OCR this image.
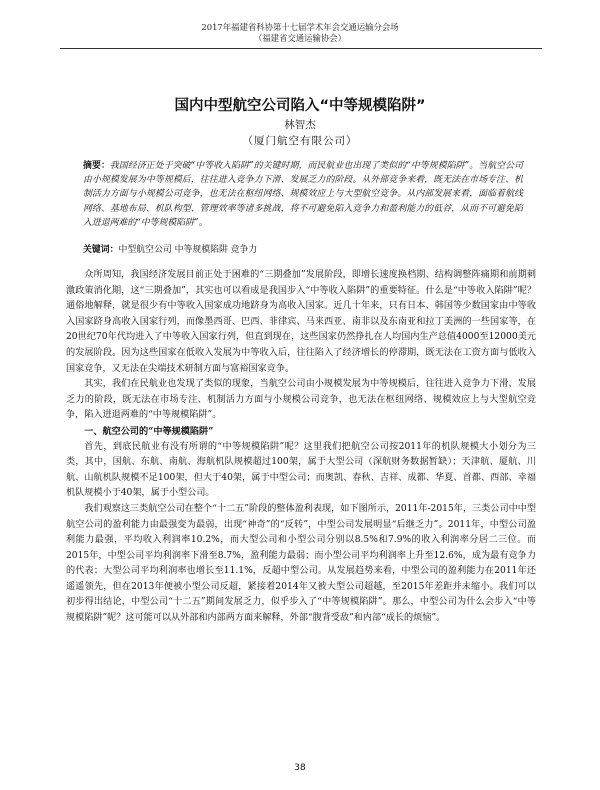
2017年福建省科协第十七届学术年会交通运输分会场
（福建省交通运输协会）
国内中型航空公司陷入“中等规模陷阱”
林智杰
（厦门航空有限公司）
摘要：我国经济正处于突破“中等收入陷阱”的关键时期，而民航业也出现了类似的“中等规模陷阱”。当航空公司由小规模发展为中等规模后，往往进入竞争力下滑、发展乏力的阶段。从外部竞争来看，既无法在市场专注、机制活力方面与小规模公司竞争，也无法在枢纽网络、规模效应上与大型航空竞争。从内部发展来看，面临着航线网络、基地布局、机队构型、管理效率等诸多挑战，将不可避免陷入竞争力和盈利能力的低谷，从而不可避免陷入进退两难的“中等规模陷阱”。
关键词：中型航空公司 中等规模陷阱 竞争力

众所周知，我国经济发展目前正处于困难的“三期叠加”发展阶段，即增长速度换档期、结构调整阵痛期和前期刺激政策消化期，这“三期叠加”，其实也可以看成是我国步入“中等收入陷阱”的重要特征。什么是“中等收入陷阱”呢？通俗地解释，就是很少有中等收入国家成功地跻身为高收入国家。近几十年来，只有日本、韩国等少数国家由中等收入国家跻身高收入国家行列，而像墨西哥、巴西、菲律宾、马来西亚、南非以及东南亚和拉丁美洲的一些国家等，在20世纪70年代均进入了中等收入国家行列，但直到现在，这些国家仍然挣扎在人均国内生产总值4000至12000美元的发展阶段。因为这些国家在低收入发展为中等收入后，往往陷入了经济增长的停滞期，既无法在工资方面与低收入国家竞争，又无法在尖端技术研制方面与富裕国家竞争。

其实，我们在民航业也发现了类似的现象，当航空公司由小规模发展为中等规模后，往往进入竞争力下滑、发展乏力的阶段，既无法在市场专注、机制活力方面与小规模公司竞争，也无法在枢纽网络、规模效应上与大型航空竞争，陷入进退两难的“中等规模陷阱”。

一、航空公司的“中等规模陷阱”

首先，到底民航业有没有所谓的“中等规模陷阱”呢？这里我们把航空公司按2011年的机队规模大小划分为三类，其中，国航、东航、南航、海航机队规模超过100架，属于大型公司（深航财务数据暂缺）；天津航、厦航、川航、山航机队规模不足100架，但大于40架，属于中型公司；而奥凯、春秋、吉祥、成都、华夏、首都、西部、幸福机队规模小于40架，属于小型公司。

我们观察这三类航空公司在整个“十二五”阶段的整体盈利表现，如下图所示，2011年-2015年，三类公司中中型航空公司的盈利能力由最强变为最弱，出现“神奇”的“反转”，中型公司发展明显“后继乏力”。2011年，中型公司盈利能力最强，平均收入利润率10.2%，而大型公司和小型公司分别以8.5%和7.9%的收入利润率分居二三位。而2015年，中型公司平均利润率下滑至8.7%，盈利能力最弱；而小型公司平均利润率上升至12.6%，成为最有竞争力的代表；大型公司平均利润率也增长至11.1%，反超中型公司。从发展趋势来看，中型公司的盈利能力在2011年还遥遥领先，但在2013年便被小型公司反超，紧接着2014年又被大型公司超越，至2015年差距并未缩小。我们可以初步得出结论，中型公司“十二五”期间发展乏力，似乎步入了“中等规模陷阱”。那么，中型公司为什么会步入“中等规模陷阱”呢？这可能可以从外部和内部两方面来解释，外部“腹背受敌”和内部“成长的烦恼”。

38
